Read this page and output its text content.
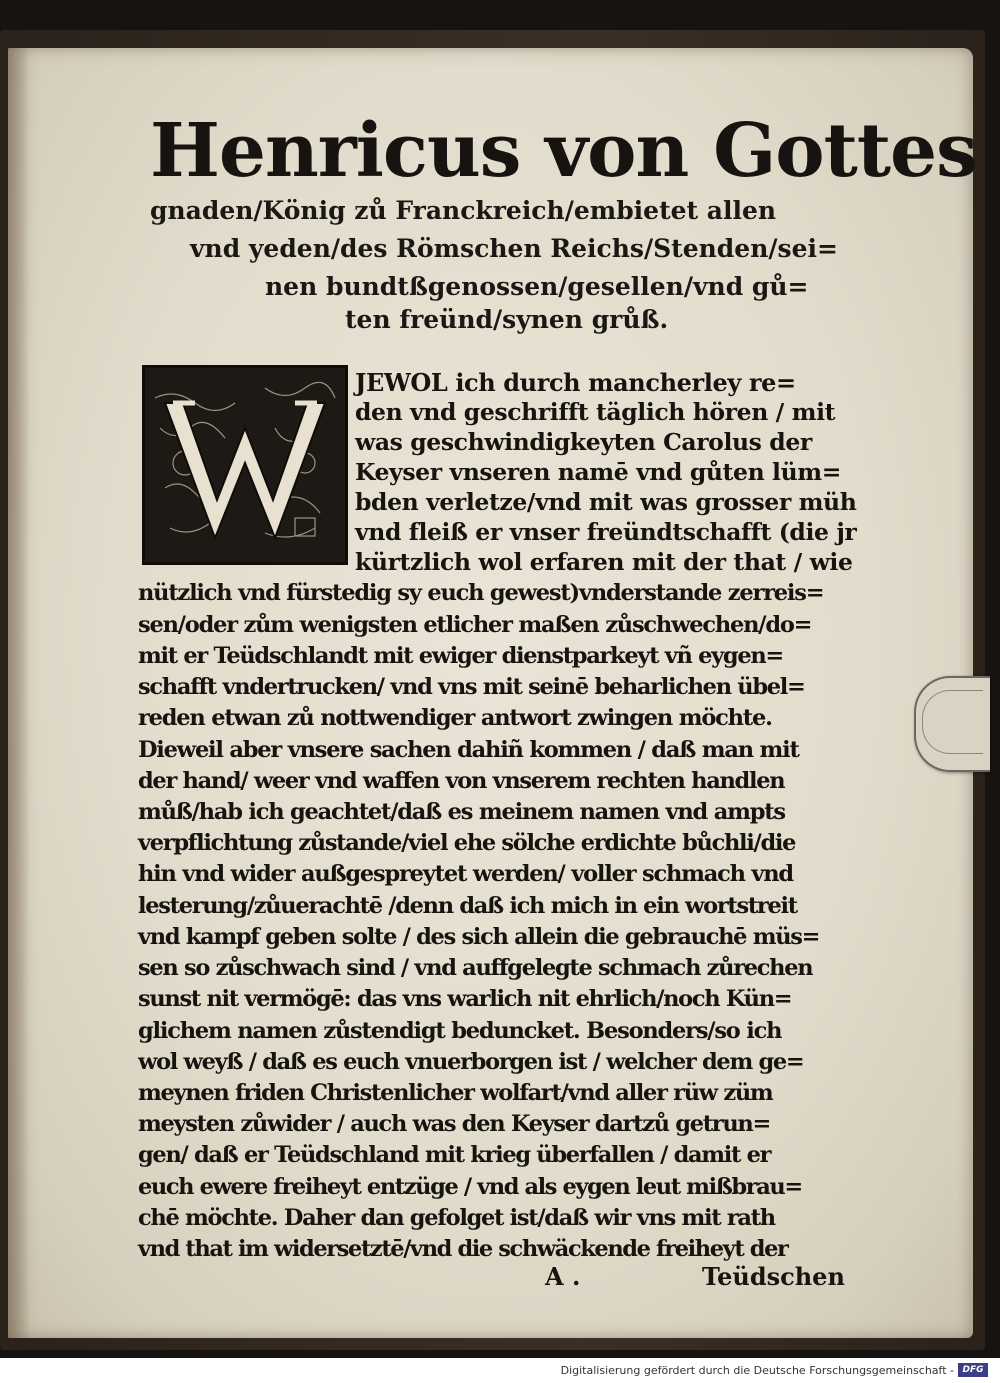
Henricus von Gottes

gnaden/König zů Franckreich/embietet allen

vnd yeden/des Römschen Reichs/Stenden/sei=

nen bundtßgenossen/gesellen/vnd gů=

ten freünd/synen grůß.

JEWOL ich durch mancherley re=

den vnd geschrifft täglich hören / mit

was geschwindigkeyten Carolus der

Keyser vnseren namē vnd gůten lüm=

bden verletze/vnd mit was grosser müh

vnd fleiß er vnser freündtschafft (die jr

kürtzlich wol erfaren mit der that / wie

nützlich vnd fürstedig sy euch gewest)vnderstande zerreis=

sen/oder zům wenigsten etlicher maßen zůschwechen/do=

mit er Teüdschlandt mit ewiger dienstparkeyt vñ eygen=

schafft vndertrucken/ vnd vns mit seinē beharlichen übel=

reden etwan zů nottwendiger antwort zwingen möchte.

Dieweil aber vnsere sachen dahiñ kommen / daß man mit

der hand/ weer vnd waffen von vnserem rechten handlen

můß/hab ich geachtet/daß es meinem namen vnd ampts

verpflichtung zůstande/viel ehe sölche erdichte bůchli/die

hin vnd wider außgespreytet werden/ voller schmach vnd

lesterung/zůuerachtē /denn daß ich mich in ein wortstreit

vnd kampf geben solte / des sich allein die gebrauchē müs=

sen so zůschwach sind / vnd auffgelegte schmach zůrechen

sunst nit vermögē: das vns warlich nit ehrlich/noch Kün=

glichem namen zůstendigt beduncket. Besonders/so ich

wol weyß / daß es euch vnuerborgen ist / welcher dem ge=

meynen friden Christenlicher wolfart/vnd aller rüw züm

meysten zůwider / auch was den Keyser dartzů getrun=

gen/ daß er Teüdschland mit krieg überfallen / damit er

euch ewere freiheyt entzüge / vnd als eygen leut mißbrau=

chē möchte. Daher dan gefolget ist/daß wir vns mit rath

vnd that im widersetztē/vnd die schwäckende freiheyt der

A .	Teüdschen
Digitalisierung gefördert durch die Deutsche Forschungsgemeinschaft - DFG
